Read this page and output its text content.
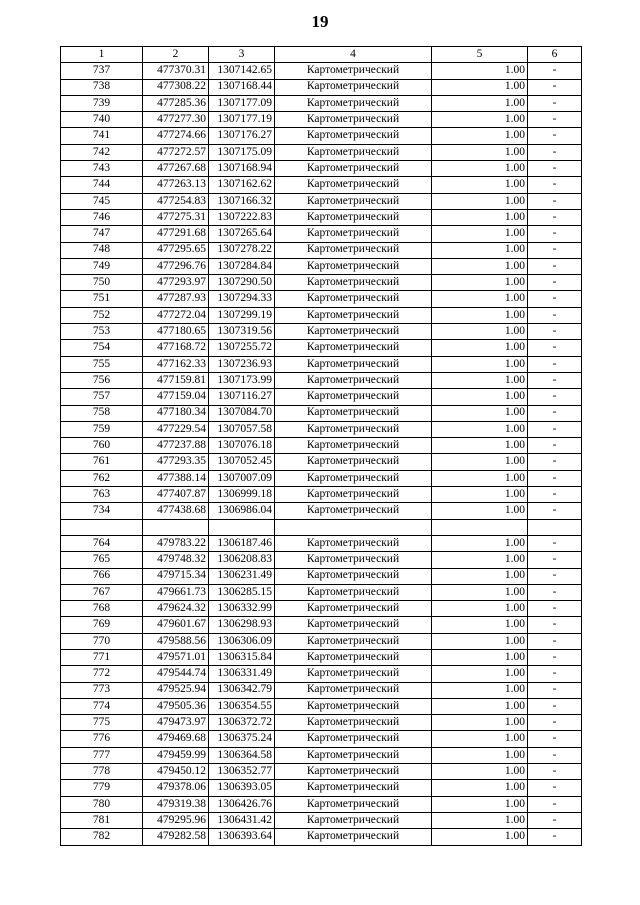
19
1	2	3	4	5	6
737	477370.31	1307142.65	Картометрический	1.00	-
738	477308.22	1307168.44	Картометрический	1.00	-
739	477285.36	1307177.09	Картометрический	1.00	-
740	477277.30	1307177.19	Картометрический	1.00	-
741	477274.66	1307176.27	Картометрический	1.00	-
742	477272.57	1307175.09	Картометрический	1.00	-
743	477267.68	1307168.94	Картометрический	1.00	-
744	477263.13	1307162.62	Картометрический	1.00	-
745	477254.83	1307166.32	Картометрический	1.00	-
746	477275.31	1307222.83	Картометрический	1.00	-
747	477291.68	1307265.64	Картометрический	1.00	-
748	477295.65	1307278.22	Картометрический	1.00	-
749	477296.76	1307284.84	Картометрический	1.00	-
750	477293.97	1307290.50	Картометрический	1.00	-
751	477287.93	1307294.33	Картометрический	1.00	-
752	477272.04	1307299.19	Картометрический	1.00	-
753	477180.65	1307319.56	Картометрический	1.00	-
754	477168.72	1307255.72	Картометрический	1.00	-
755	477162.33	1307236.93	Картометрический	1.00	-
756	477159.81	1307173.99	Картометрический	1.00	-
757	477159.04	1307116.27	Картометрический	1.00	-
758	477180.34	1307084.70	Картометрический	1.00	-
759	477229.54	1307057.58	Картометрический	1.00	-
760	477237.88	1307076.18	Картометрический	1.00	-
761	477293.35	1307052.45	Картометрический	1.00	-
762	477388.14	1307007.09	Картометрический	1.00	-
763	477407.87	1306999.18	Картометрический	1.00	-
734	477438.68	1306986.04	Картометрический	1.00	-

764	479783.22	1306187.46	Картометрический	1.00	-
765	479748.32	1306208.83	Картометрический	1.00	-
766	479715.34	1306231.49	Картометрический	1.00	-
767	479661.73	1306285.15	Картометрический	1.00	-
768	479624.32	1306332.99	Картометрический	1.00	-
769	479601.67	1306298.93	Картометрический	1.00	-
770	479588.56	1306306.09	Картометрический	1.00	-
771	479571.01	1306315.84	Картометрический	1.00	-
772	479544.74	1306331.49	Картометрический	1.00	-
773	479525.94	1306342.79	Картометрический	1.00	-
774	479505.36	1306354.55	Картометрический	1.00	-
775	479473.97	1306372.72	Картометрический	1.00	-
776	479469.68	1306375.24	Картометрический	1.00	-
777	479459.99	1306364.58	Картометрический	1.00	-
778	479450.12	1306352.77	Картометрический	1.00	-
779	479378.06	1306393.05	Картометрический	1.00	-
780	479319.38	1306426.76	Картометрический	1.00	-
781	479295.96	1306431.42	Картометрический	1.00	-
782	479282.58	1306393.64	Картометрический	1.00	-
